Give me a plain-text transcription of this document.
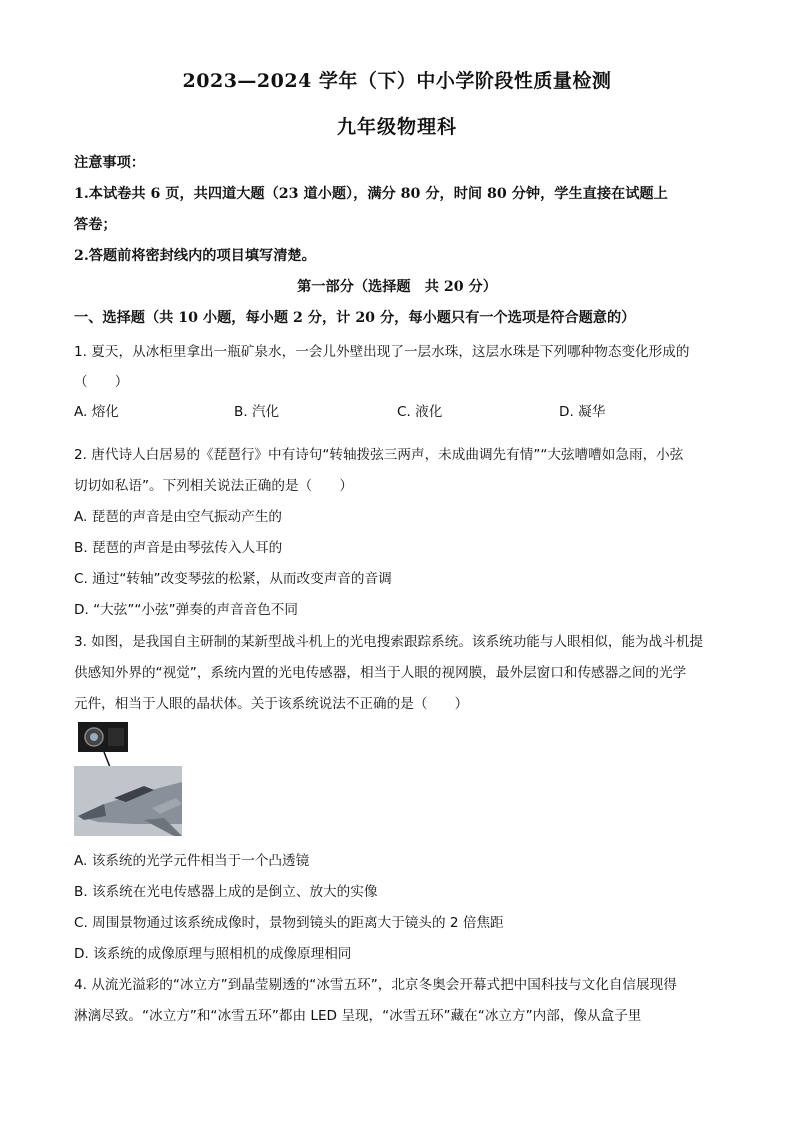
2023—2024 学年（下）中小学阶段性质量检测
九年级物理科
注意事项：
1.本试卷共 6 页，共四道大题（23 道小题），满分 80 分，时间 80 分钟，学生直接在试题上
答卷；
2.答题前将密封线内的项目填写清楚。
第一部分（选择题　共 20 分）
一、选择题（共 10 小题，每小题 2 分，计 20 分，每小题只有一个选项是符合题意的）
1. 夏天，从冰柜里拿出一瓶矿泉水，一会儿外壁出现了一层水珠，这层水珠是下列哪种物态变化形成的
（　　）
A. 熔化	B. 汽化	C. 液化	D. 凝华
2. 唐代诗人白居易的《琵琶行》中有诗句“转轴拨弦三两声，未成曲调先有情”“大弦嘈嘈如急雨，小弦
切切如私语”。下列相关说法正确的是（　　）
A. 琵琶的声音是由空气振动产生的
B. 琵琶的声音是由琴弦传入人耳的
C. 通过“转轴”改变琴弦的松紧，从而改变声音的音调
D. “大弦”“小弦”弹奏的声音音色不同
3. 如图，是我国自主研制的某新型战斗机上的光电搜索跟踪系统。该系统功能与人眼相似，能为战斗机提
供感知外界的“视觉”，系统内置的光电传感器，相当于人眼的视网膜，最外层窗口和传感器之间的光学
元件，相当于人眼的晶状体。关于该系统说法不正确的是（　　）
A. 该系统的光学元件相当于一个凸透镜
B. 该系统在光电传感器上成的是倒立、放大的实像
C. 周围景物通过该系统成像时，景物到镜头的距离大于镜头的 2 倍焦距
D. 该系统的成像原理与照相机的成像原理相同
4. 从流光溢彩的“冰立方”到晶莹剔透的“冰雪五环”，北京冬奥会开幕式把中国科技与文化自信展现得
淋漓尽致。“冰立方”和“冰雪五环”都由 LED 呈现，“冰雪五环”藏在“冰立方”内部，像从盒子里
